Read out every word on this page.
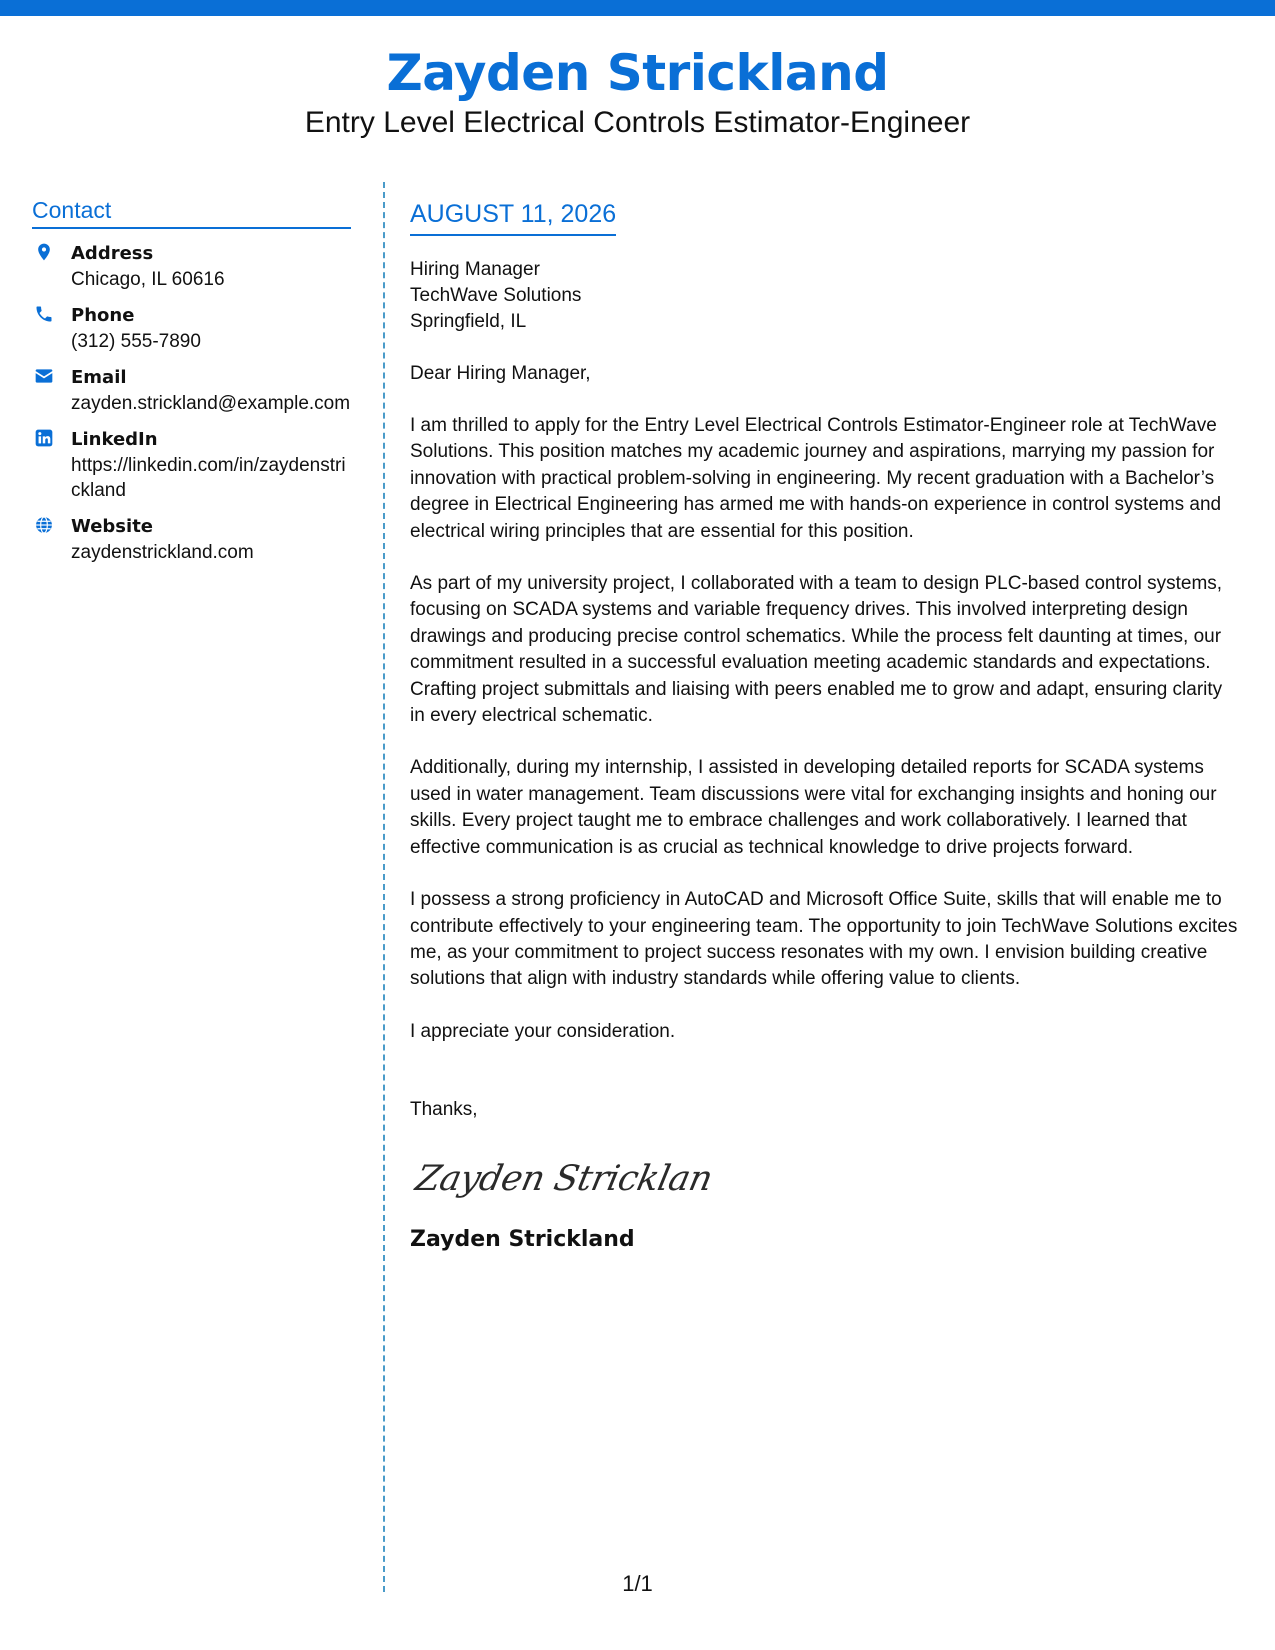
Zayden Strickland
Entry Level Electrical Controls Estimator-Engineer
Contact
Address
Chicago, IL 60616
Phone
(312) 555-7890
Email
zayden.strickland@example.com
LinkedIn
https://linkedin.com/in/zaydenstrickland
Website
zaydenstrickland.com
AUGUST 11, 2026
Hiring Manager
TechWave Solutions
Springfield, IL
Dear Hiring Manager,
I am thrilled to apply for the Entry Level Electrical Controls Estimator-Engineer role at TechWave Solutions. This position matches my academic journey and aspirations, marrying my passion for innovation with practical problem-solving in engineering. My recent graduation with a Bachelor’s degree in Electrical Engineering has armed me with hands-on experience in control systems and electrical wiring principles that are essential for this position.
As part of my university project, I collaborated with a team to design PLC-based control systems, focusing on SCADA systems and variable frequency drives. This involved interpreting design drawings and producing precise control schematics. While the process felt daunting at times, our commitment resulted in a successful evaluation meeting academic standards and expectations. Crafting project submittals and liaising with peers enabled me to grow and adapt, ensuring clarity in every electrical schematic.
Additionally, during my internship, I assisted in developing detailed reports for SCADA systems used in water management. Team discussions were vital for exchanging insights and honing our skills. Every project taught me to embrace challenges and work collaboratively. I learned that effective communication is as crucial as technical knowledge to drive projects forward.
I possess a strong proficiency in AutoCAD and Microsoft Office Suite, skills that will enable me to contribute effectively to your engineering team. The opportunity to join TechWave Solutions excites me, as your commitment to project success resonates with my own. I envision building creative solutions that align with industry standards while offering value to clients.
I appreciate your consideration.
Thanks,
Zayden Stricklan
Zayden Strickland
1/1
